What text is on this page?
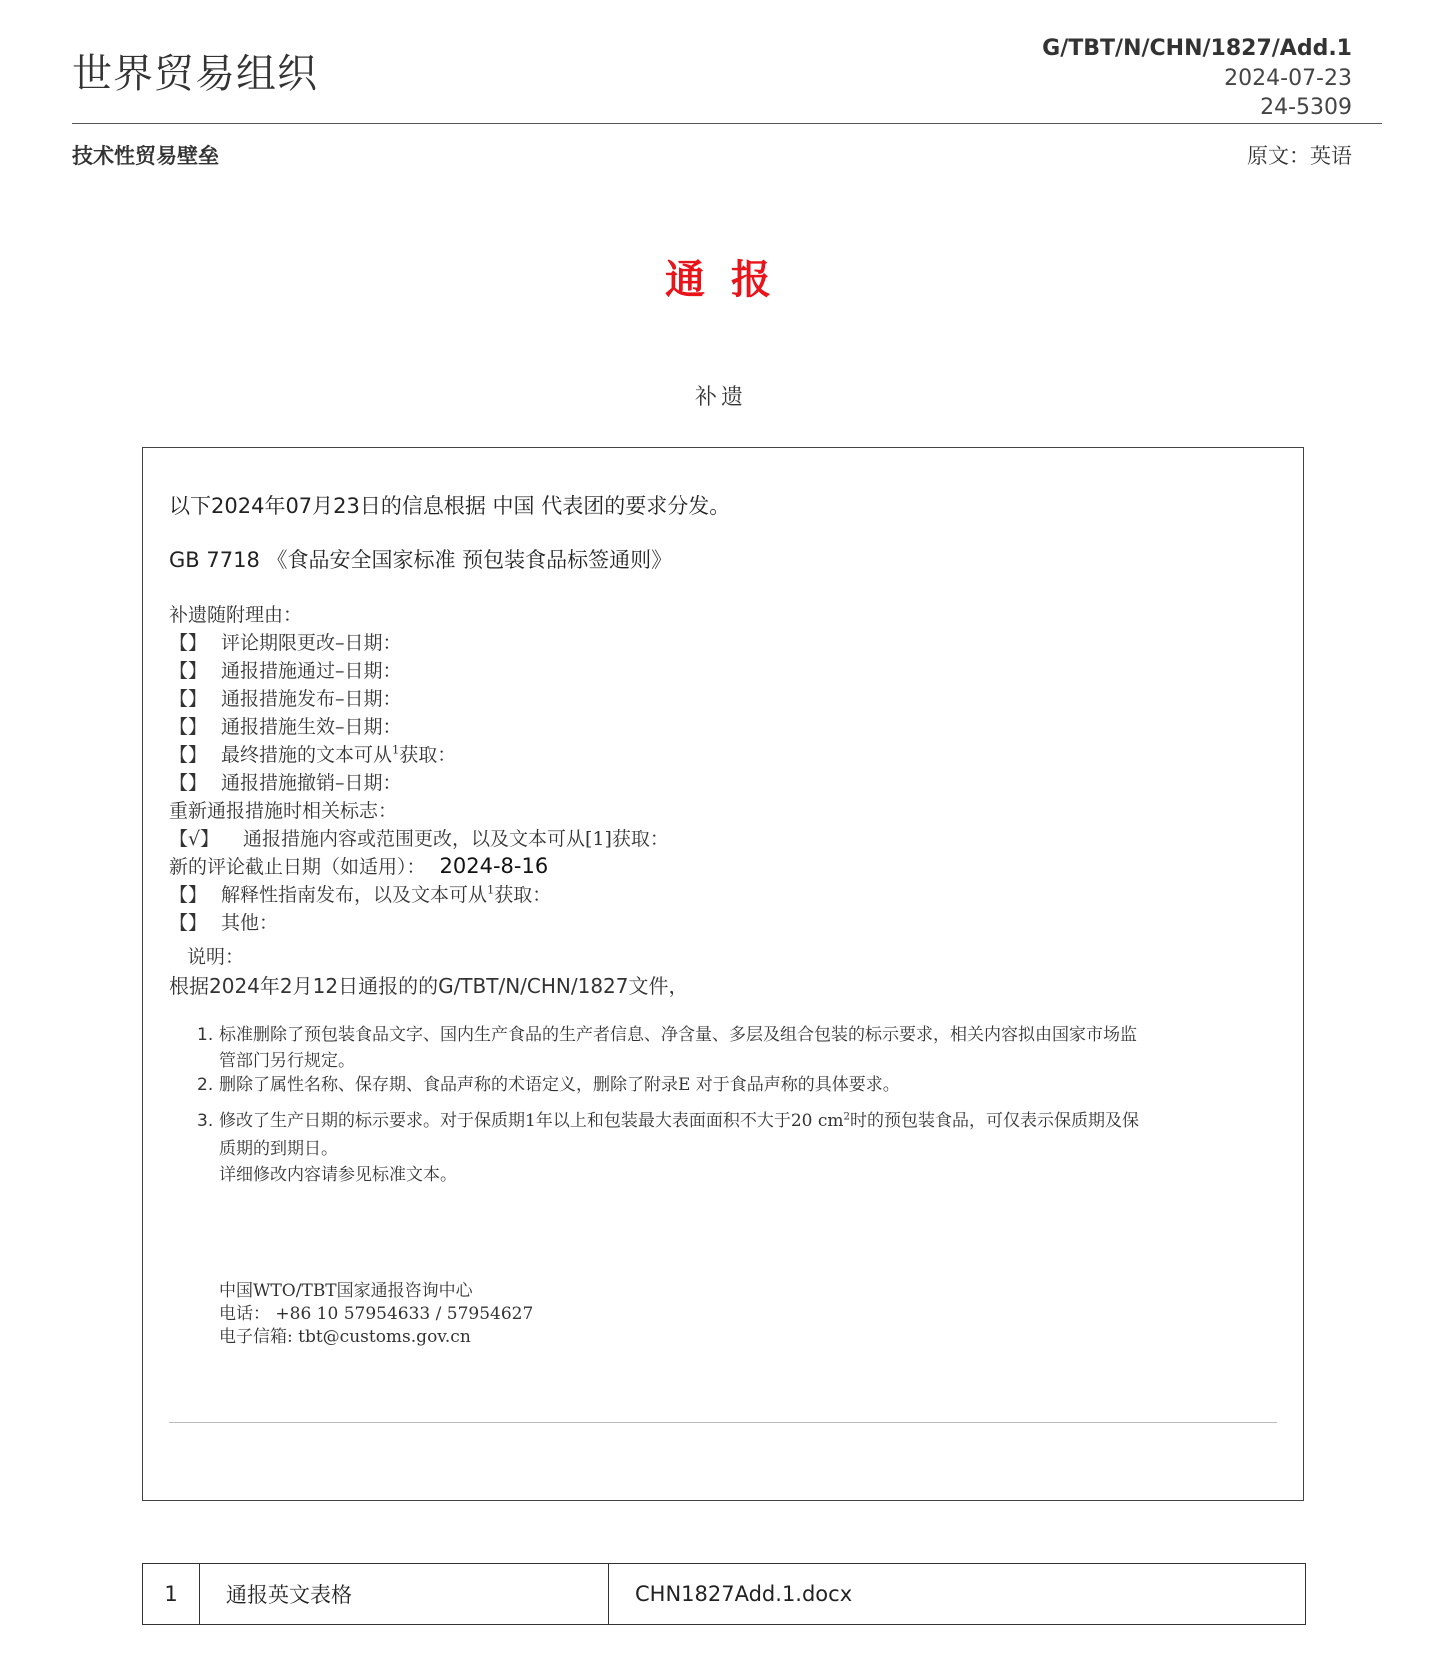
世界贸易组织
G/TBT/N/CHN/1827/Add.1
2024-07-23
24-5309
技术性贸易壁垒	原文：英语
通 报
补遗
以下2024年07月23日的信息根据 中国 代表团的要求分发。
GB 7718 《食品安全国家标准 预包装食品标签通则》
补遗随附理由：
【】 评论期限更改–日期：
【】 通报措施通过–日期：
【】 通报措施发布–日期：
【】 通报措施生效–日期：
【】 最终措施的文本可从$^1$获取：
【】 通报措施撤销–日期：
重新通报措施时相关标志：
【√】 通报措施内容或范围更改，以及文本可从[1]获取：
新的评论截止日期（如适用）： 2024-8-16
【】 解释性指南发布，以及文本可从$^1$获取：
【】 其他：
说明：
根据2024年2月12日通报的的G/TBT/N/CHN/1827文件，
1. 标准删除了预包装食品文字、国内生产食品的生产者信息、净含量、多层及组合包装的标示要求，相关内容拟由国家市场监
管部门另行规定。
2. 删除了属性名称、保存期、食品声称的术语定义，删除了附录E 对于食品声称的具体要求。
3. 修改了生产日期的标示要求。对于保质期1年以上和包装最大表面面积不大于20 $cm^2$时的预包装食品，可仅表示保质期及保
质期的到期日。
详细修改内容请参见标准文本。
中国WTO/TBT国家通报咨询中心
电话： +86 10 57954633 / 57954627
电子信箱: tbt@customs.gov.cn
1	通报英文表格	CHN1827Add.1.docx
